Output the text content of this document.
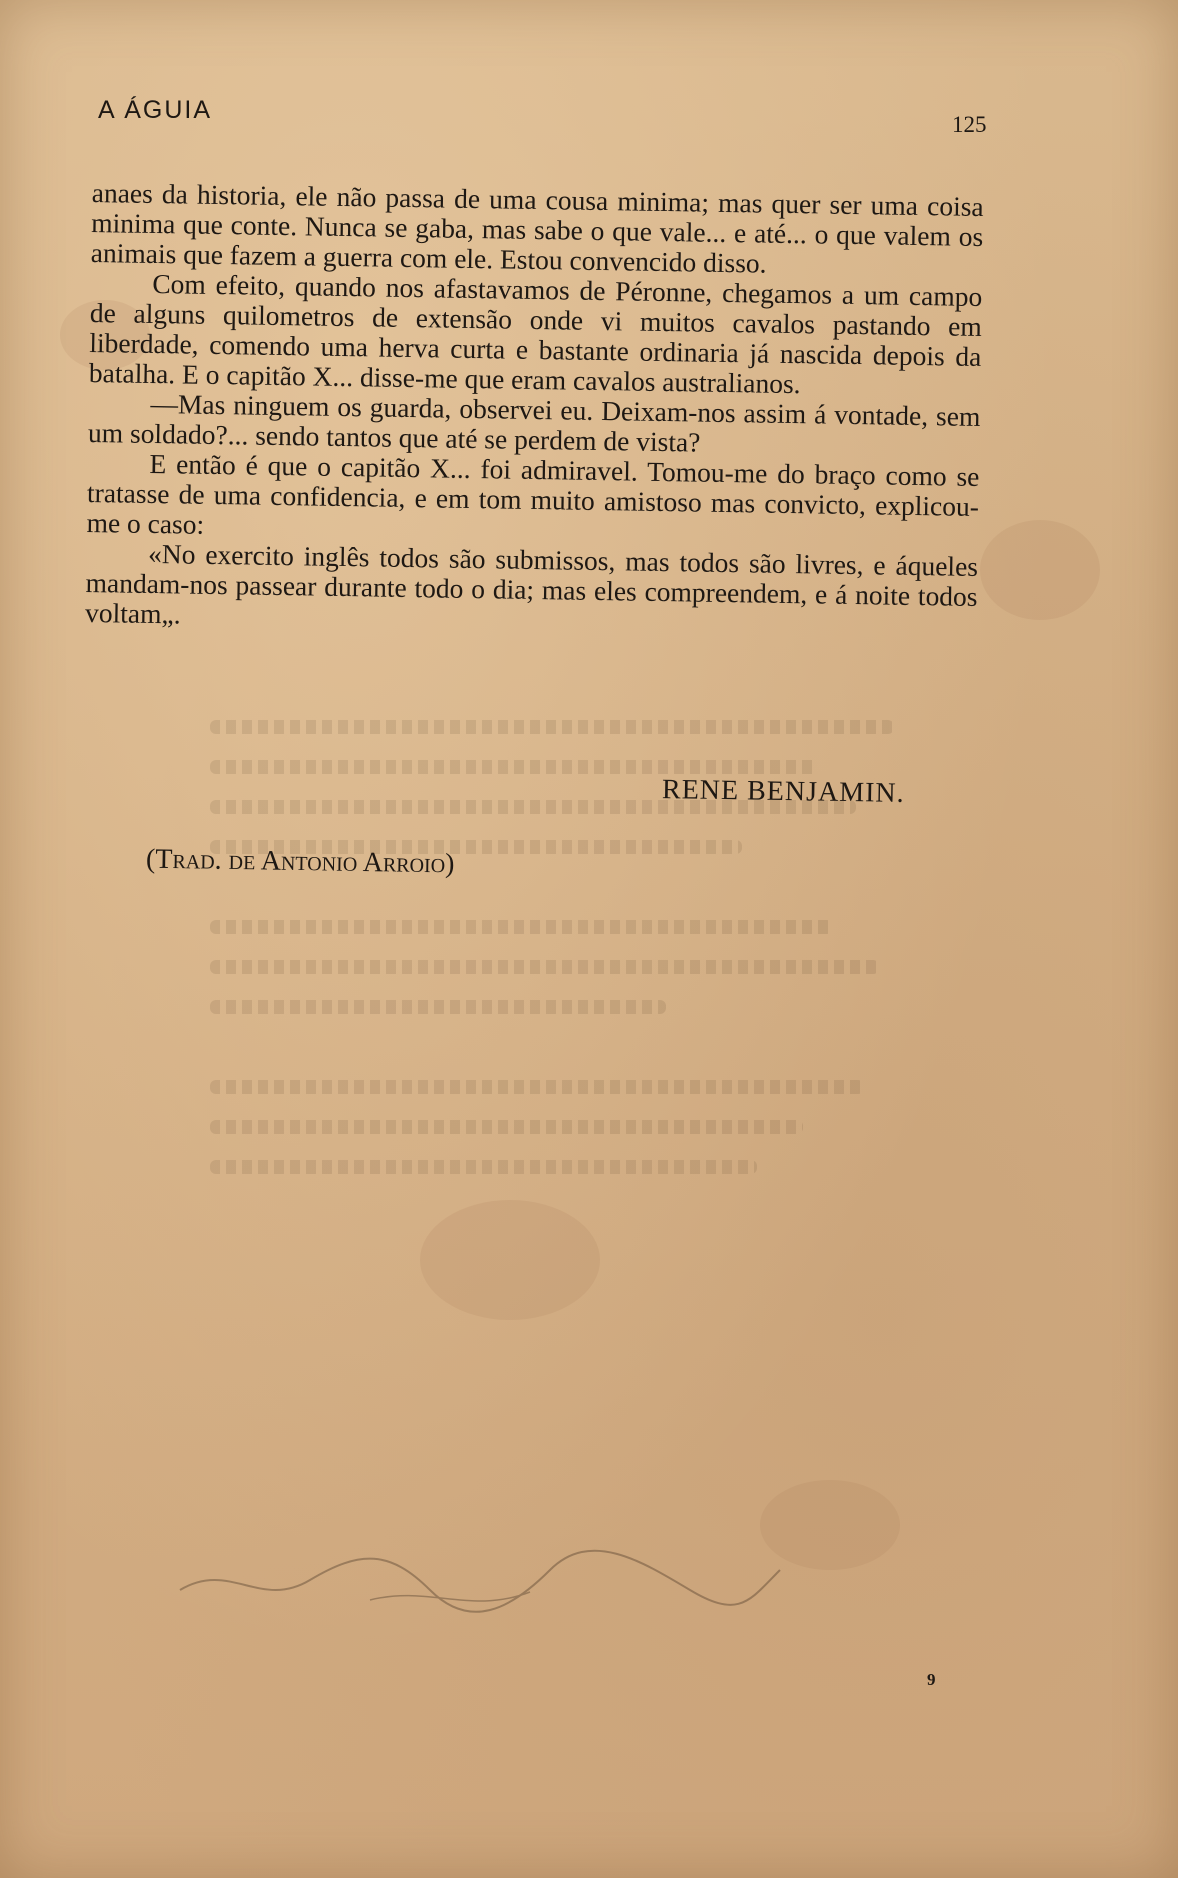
A ÁGUIA
125

anaes da historia, ele não passa de uma cousa minima; mas quer ser uma coisa minima que conte. Nunca se gaba, mas sabe o que vale... e até... o que valem os animais que fazem a guerra com ele. Estou convencido disso.

Com efeito, quando nos afastavamos de Péronne, chegamos a um campo de alguns quilometros de extensão onde vi muitos cavalos pastando em liberdade, comendo uma herva curta e bastante ordinaria já nascida depois da batalha. E o capitão X... disse-me que eram cavalos australianos.

—Mas ninguem os guarda, observei eu. Deixam-nos assim á vontade, sem um soldado?... sendo tantos que até se perdem de vista?

E então é que o capitão X... foi admiravel. Tomou-me do braço como se tratasse de uma confidencia, e em tom muito amistoso mas convicto, explicou-me o caso:

«No exercito inglês todos são submissos, mas todos são livres, e áqueles mandam-nos passear durante todo o dia; mas eles compreendem, e á noite todos voltam„.

RENE BENJAMIN.
(Trad. de Antonio Arroio)
9
